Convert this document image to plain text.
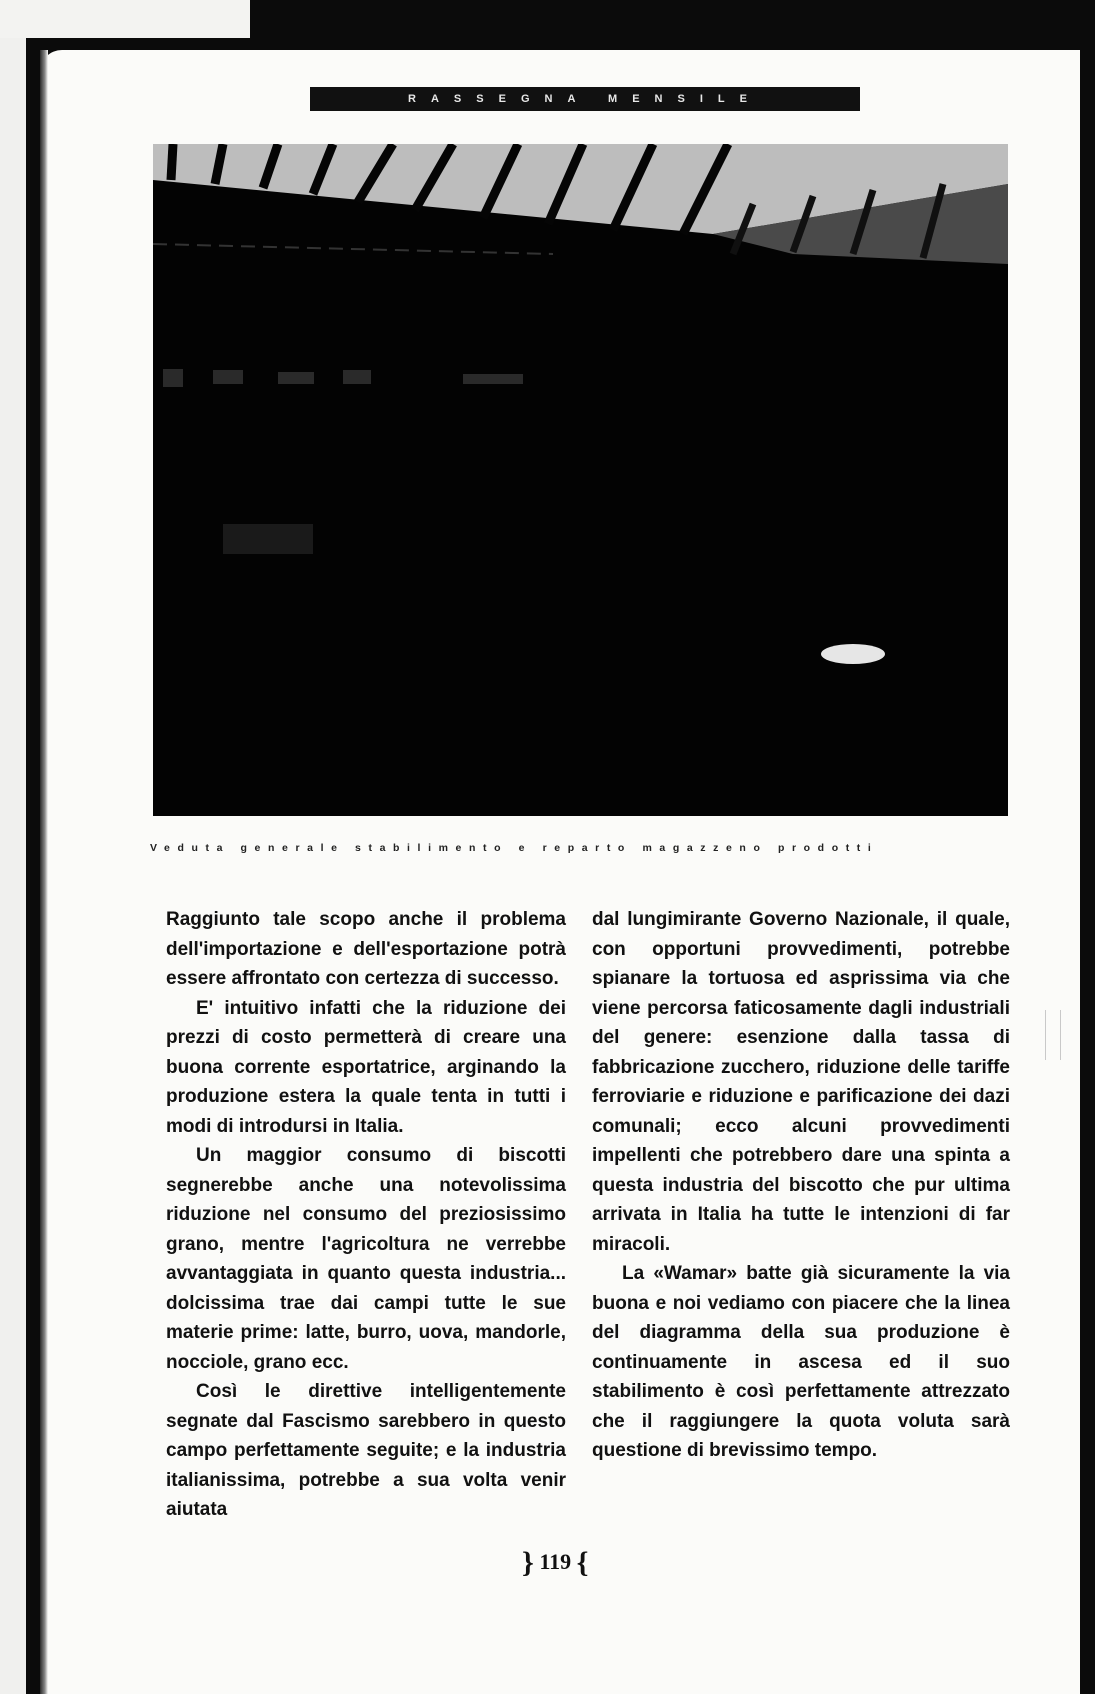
RASSEGNA MENSILE
Veduta generale stabilimento e reparto magazzeno prodotti

Raggiunto tale scopo anche il problema dell'importazione e dell'esportazione potrà essere affrontato con certezza di successo.

E' intuitivo infatti che la riduzione dei prezzi di costo permetterà di creare una buona corrente esportatrice, arginando la produzione estera la quale tenta in tutti i modi di introdursi in Italia.

Un maggior consumo di biscotti segnerebbe anche una notevolissima riduzione nel consumo del preziosissimo grano, mentre l'agricoltura ne verrebbe avvantaggiata in quanto questa industria... dolcissima trae dai campi tutte le sue materie prime: latte, burro, uova, mandorle, nocciole, grano ecc.

Così le direttive intelligentemente segnate dal Fascismo sarebbero in questo campo perfettamente seguite; e la industria italianissima, potrebbe a sua volta venir aiutata

dal lungimirante Governo Nazionale, il quale, con opportuni provvedimenti, potrebbe spianare la tortuosa ed asprissima via che viene percorsa faticosamente dagli industriali del genere: esenzione dalla tassa di fabbricazione zucchero, riduzione delle tariffe ferroviarie e riduzione e parificazione dei dazi comunali; ecco alcuni provvedimenti impellenti che potrebbero dare una spinta a questa industria del biscotto che pur ultima arrivata in Italia ha tutte le intenzioni di far miracoli.

La «Wamar» batte già sicuramente la via buona e noi vediamo con piacere che la linea del diagramma della sua produzione è continuamente in ascesa ed il suo stabilimento è così perfettamente attrezzato che il raggiungere la quota voluta sarà questione di brevissimo tempo.

} 119 {
